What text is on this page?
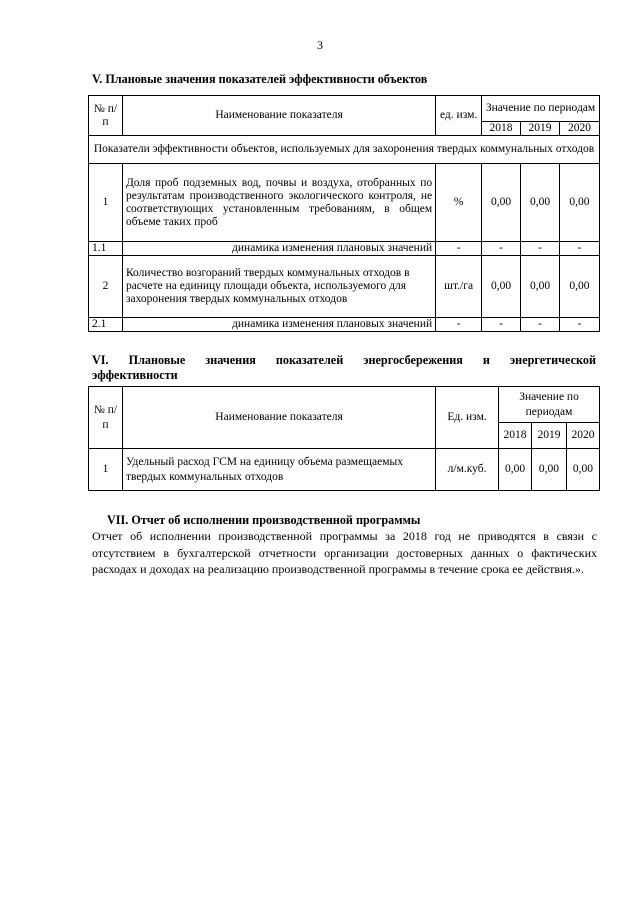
3
V. Плановые значения показателей эффективности объектов
№ п/п	Наименование показателя	ед. изм.	Значение по периодам		
			2018	2019	2020
Показатели эффективности объектов, используемых для захоронения твердых коммунальных отходов					
1	Доля проб подземных вод, почвы и воздуха, отобранных по результатам производственного экологического контроля, не соответствующих установленным требованиям, в общем объеме таких проб	%	0,00	0,00	0,00
1.1	динамика изменения плановых значений	-	-	-	-
2	Количество возгораний твердых коммунальных отходов в расчете на единицу площади объекта, используемого для захоронения твердых коммунальных отходов	шт./га	0,00	0,00	0,00
2.1	динамика изменения плановых значений	-	-	-	-
VI. Плановые значения показателей энергосбережения и энергетической
эффективности
№ п/п	Наименование показателя	Ед. изм.	Значение по периодам		
			2018	2019	2020
1	Удельный расход ГСМ на единицу объема размещаемых твердых коммунальных отходов	л/м.куб.	0,00	0,00	0,00
VII. Отчет об исполнении производственной программы
Отчет об исполнении производственной программы за 2018 год не приводятся в связи с отсутствием в бухгалтерской отчетности организации достоверных данных о фактических расходах и доходах на реализацию производственной программы в течение срока ее действия.».
